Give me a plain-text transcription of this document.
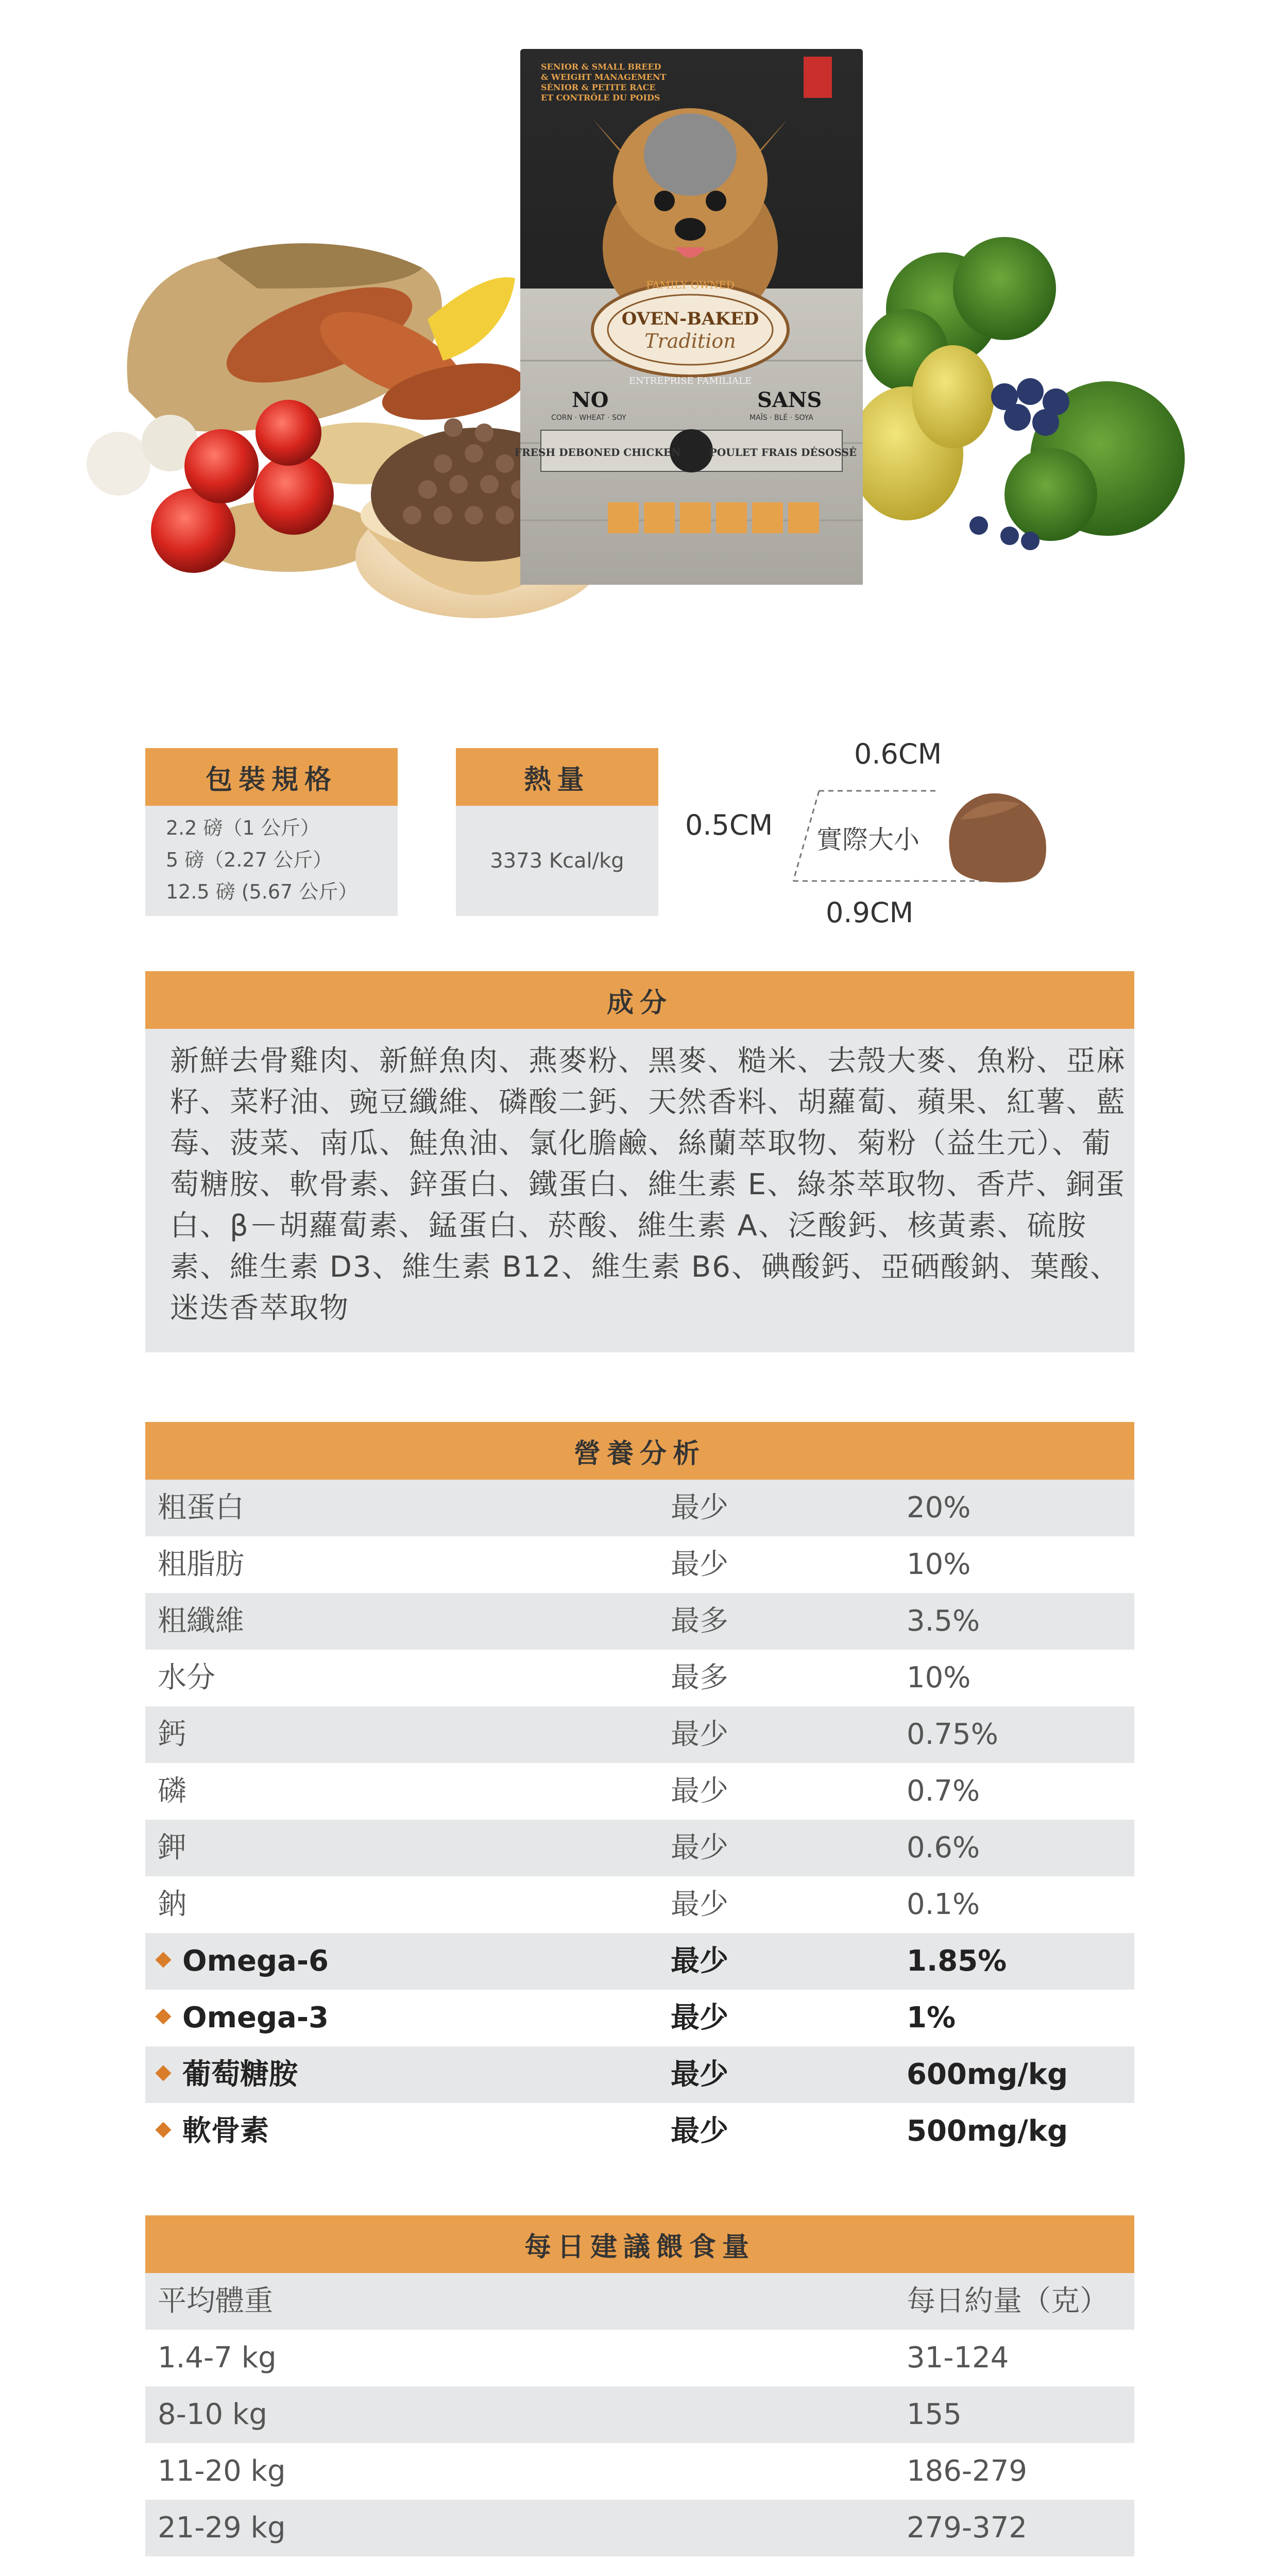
SENIOR & SMALL BREED
& WEIGHT MANAGEMENT
SÉNIOR & PETITE RACE
ET CONTRÔLE DU POIDS
FAMILY OWNED
OVEN-BAKED
Tradition
ENTREPRISE FAMILIALE
NO
CORN · WHEAT · SOY
SANS
MAÏS · BLÉ · SOYA
FRESH DEBONED CHICKEN	POULET FRAIS DÉSOSSÉ
包裝規格
2.2 磅（1 公斤）
5 磅（2.27 公斤）
12.5 磅 (5.67 公斤）
熱量
3373 Kcal/kg
0.6CM
0.5CM
0.9CM
實際大小
成分
新鮮去骨雞肉、新鮮魚肉、燕麥粉、黑麥、糙米、去殼大麥、魚粉、亞麻籽、菜籽油、豌豆纖維、磷酸二鈣、天然香料、胡蘿蔔、蘋果、紅薯、藍莓、菠菜、南瓜、鮭魚油、氯化膽鹼、絲蘭萃取物、菊粉（益生元）、葡萄糖胺、軟骨素、鋅蛋白、鐵蛋白、維生素 E、綠茶萃取物、香芹、銅蛋白、β－胡蘿蔔素、錳蛋白、菸酸、維生素 A、泛酸鈣、核黃素、硫胺素、維生素 D3、維生素 B12、維生素 B6、碘酸鈣、亞硒酸鈉、葉酸、迷迭香萃取物
營養分析
粗蛋白	最少	20%
粗脂肪	最少	10%
粗纖維	最多	3.5%
水分	最多	10%
鈣	最少	0.75%
磷	最少	0.7%
鉀	最少	0.6%
鈉	最少	0.1%
Omega-6	最少	1.85%
Omega-3	最少	1%
葡萄糖胺	最少	600mg/kg
軟骨素	最少	500mg/kg
每日建議餵食量
平均體重	每日約量（克）
1.4-7 kg	31-124
8-10 kg	155
11-20 kg	186-279
21-29 kg	279-372
